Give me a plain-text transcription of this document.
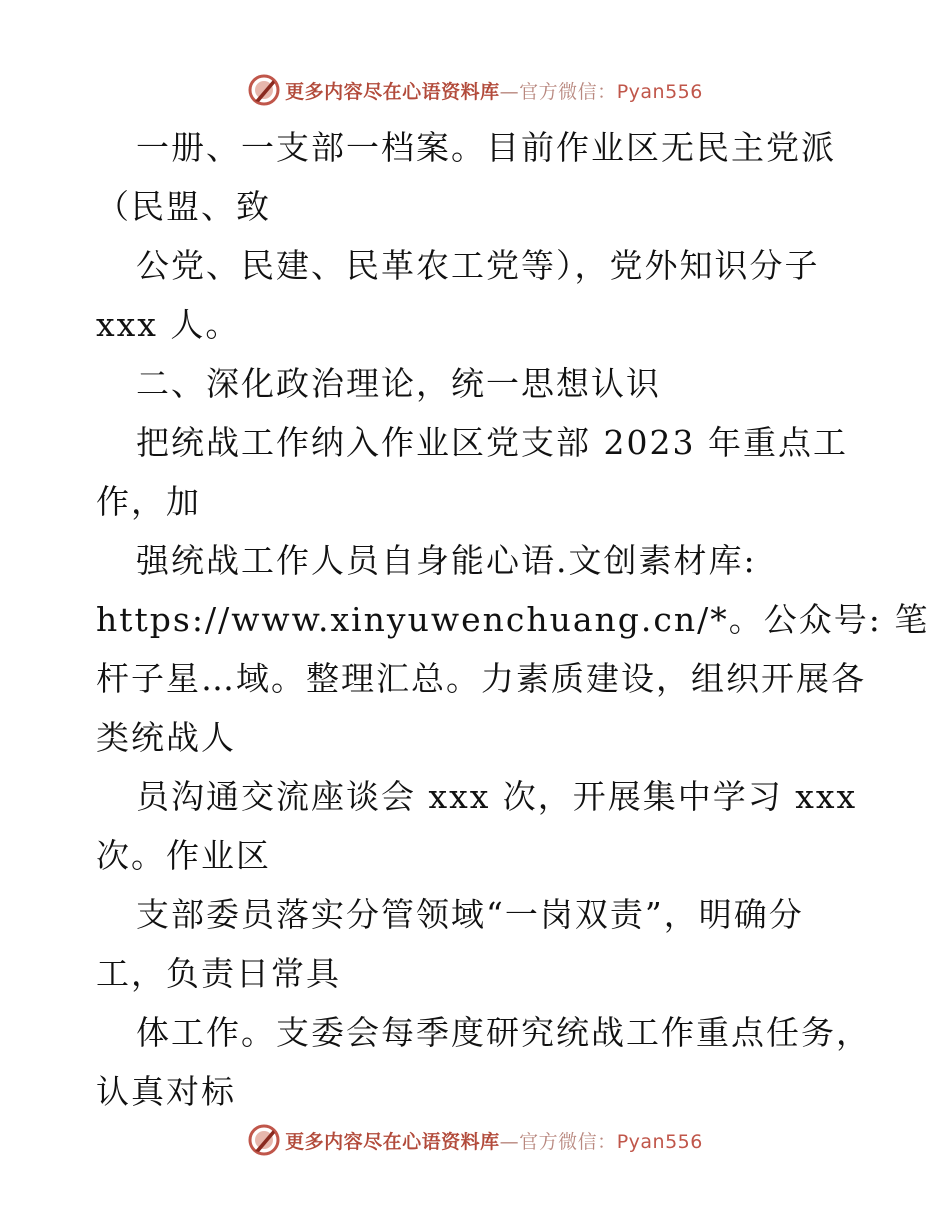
更多内容尽在心语资料库—官方微信：Pyan556
一册、一支部一档案。目前作业区无民主党派
（民盟、致
公党、民建、民革农工党等），党外知识分子
xxx 人。
二、深化政治理论，统一思想认识
把统战工作纳入作业区党支部 2023 年重点工
作，加
强统战工作人员自身能心语.文创素材库:
https://www.xinyuwenchuang.cn/*。公众号: 笔
杆子星…域。整理汇总。力素质建设，组织开展各
类统战人
员沟通交流座谈会 xxx 次，开展集中学习 xxx
次。作业区
支部委员落实分管领域“一岗双责”，明确分
工，负责日常具
体工作。支委会每季度研究统战工作重点任务，
认真对标
更多内容尽在心语资料库—官方微信：Pyan556
